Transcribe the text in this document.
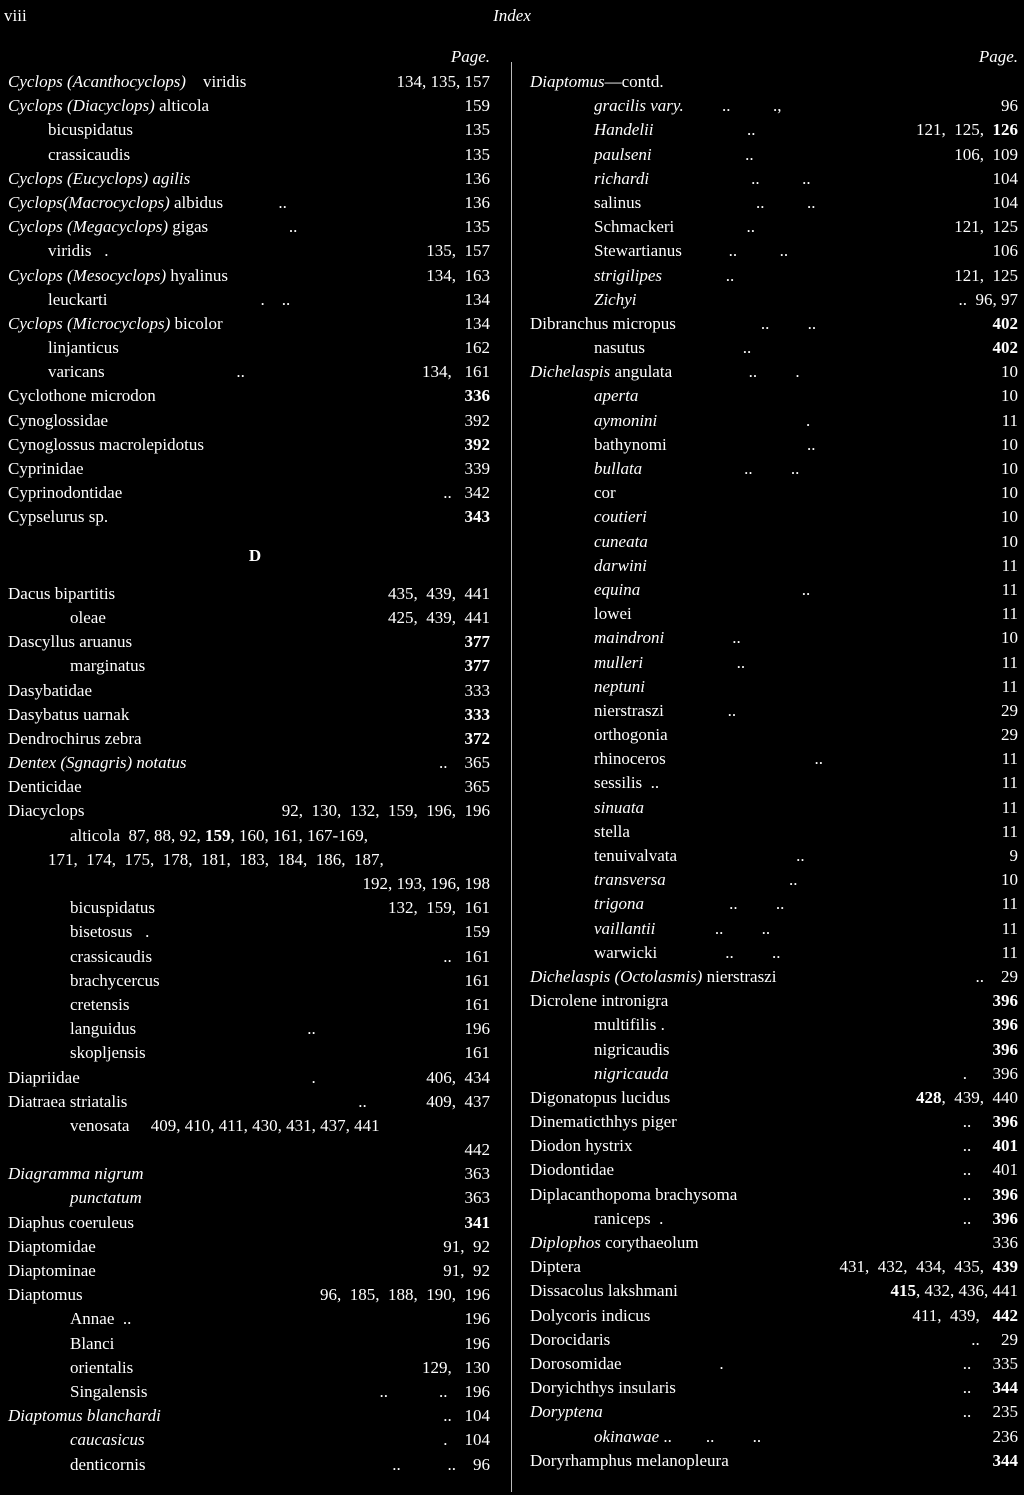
viii	Index
Page.
Cyclops (Acanthocyclops)    viridis	134, 135, 157
Cyclops (Diacyclops) alticola	159
bicuspidatus	135
crassicaudis	135
Cyclops (Eucyclops) agilis	136
Cyclops(Macrocyclops) albidus             ..	136
Cyclops (Megacyclops) gigas                   ..	135
viridis   .	135,  157
Cyclops (Mesocyclops) hyalinus	134,  163
leuckarti                                    .    ..	134
Cyclops (Microcyclops) bicolor	134
linjanticus	162
varicans                               ..	134,   161
Cyclothone microdon	336
Cynoglossidae	392
Cynoglossus macrolepidotus	392
Cyprinidae	339
Cyprinodontidae	..   342
Cypselurus sp.	343
D
Dacus bipartitis	435,  439,  441
oleae	425,  439,  441
Dascyllus aruanus	377
marginatus	377
Dasybatidae	333
Dasybatus uarnak	333
Dendrochirus zebra	372
Dentex (Sgnagris) notatus	..    365
Denticidae	365
Diacyclops	92,  130,  132,  159,  196,  196
alticola  87, 88, 92, 159, 160, 161, 167-169,
171,  174,  175,  178,  181,  183,  184,  186,  187,
192, 193, 196, 198
bicuspidatus	132,  159,  161
bisetosus   .	159
crassicaudis	..   161
brachycercus	161
cretensis	161
languidus	..                                   196
skopljensis	161
Diapriidae	.                          406,  434
Diatraea striatalis	..              409,  437
venosata     409, 410, 411, 430, 431, 437, 441
442
Diagramma nigrum	363
punctatum	363
Diaphus coeruleus	341
Diaptomidae	91,  92
Diaptominae	91,  92
Diaptomus	96,  185,  188,  190,  196
Annae  ..	196
Blanci	196
orientalis	129,   130
Singalensis	..            ..    196
Diaptomus blanchardi	..   104
caucasicus	.    104
denticornis	..           ..    96
Page.
Diaptomus—contd.
gracilis vary.         ..          .,	96
Handelii                      ..	121,  125,  126
paulseni                      ..	106,  109
richardi                        ..          ..	104
salinus                           ..          ..	104
Schmackeri                 ..	121,  125
Stewartianus           ..          ..	106
strigilipes               ..	121,  125
Zichyi	..  96, 97
Dibranchus micropus                    ..         ..	402
nasutus                       ..	402
Dichelaspis angulata                  ..         .	10
aperta	10
aymonini                                   .	11
bathynomi                                 ..	10
bullata                        ..         ..	10
cor	10
coutieri	10
cuneata	10
darwini	11
equina                                      ..	11
lowei	11
maindroni                ..	10
mulleri                      ..	11
neptuni	11
nierstraszi               ..	29
orthogonia	29
rhinoceros                                   ..	11
sessilis  ..	11
sinuata	11
stella	11
tenuivalvata                            ..	9
transversa                             ..	10
trigona                    ..         ..	11
vaillantii              ..         ..	11
warwicki                ..         ..	11
Dichelaspis (Octolasmis) nierstraszi	..    29
Dicrolene intronigra	396
multifilis .	396
nigricaudis	396
nigricauda	.      396
Digonatopus lucidus	428,  439,  440
Dinematicthhys piger	..     396
Diodon hystrix	..     401
Diodontidae	..     401
Diplacanthopoma brachysoma	..     396
raniceps  .	..     396
Diplophos corythaeolum	336
Diptera	431,  432,  434,  435,  439
Dissacolus lakshmani	415, 432, 436, 441
Dolycoris indicus	411,  439,   442
Dorocidaris	..     29
Dorosomidae                       .	..     335
Doryichthys insularis	..     344
Doryptena	..     235
okinawae ..        ..         ..	236
Doryrhamphus melanopleura	344
